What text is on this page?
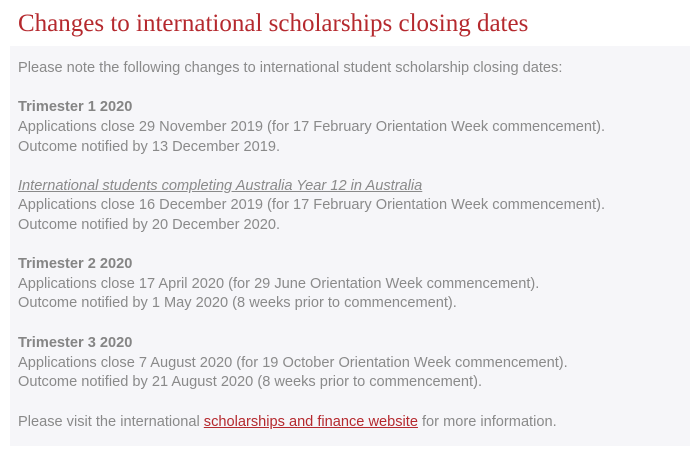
Changes to international scholarships closing dates
Please note the following changes to international student scholarship closing dates:
Trimester 1 2020
Applications close 29 November 2019 (for 17 February Orientation Week commencement).
Outcome notified by 13 December 2019.
International students completing Australia Year 12 in Australia
Applications close 16 December 2019 (for 17 February Orientation Week commencement).
Outcome notified by 20 December 2020.
Trimester 2 2020
Applications close 17 April 2020 (for 29 June Orientation Week commencement).
Outcome notified by 1 May 2020 (8 weeks prior to commencement).
Trimester 3 2020
Applications close 7 August 2020 (for 19 October Orientation Week commencement).
Outcome notified by 21 August 2020 (8 weeks prior to commencement).
Please visit the international scholarships and finance website for more information.
